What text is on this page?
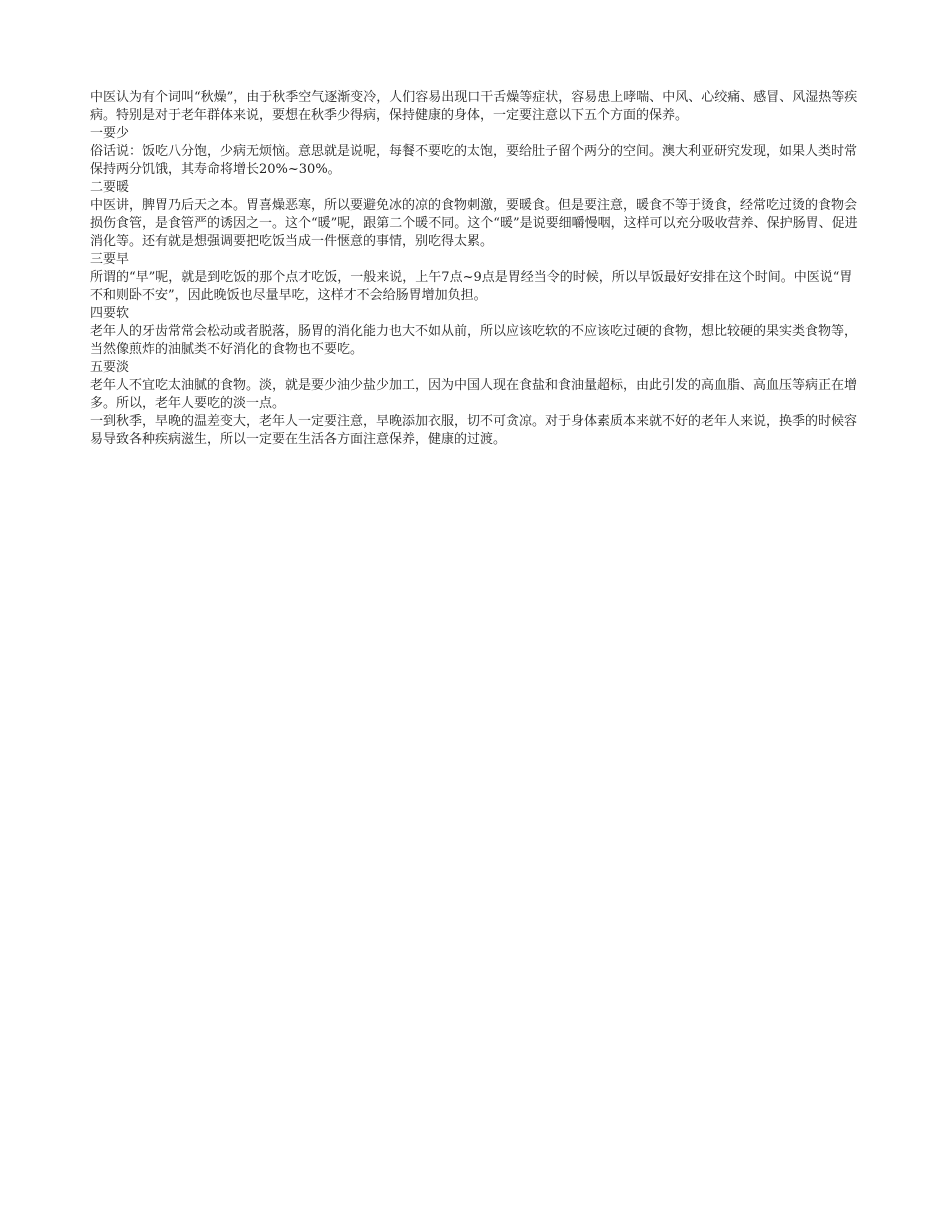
中医认为有个词叫“秋燥”，由于秋季空气逐渐变冷，人们容易出现口干舌燥等症状，容易患上哮喘、中风、心绞痛、感冒、风湿热等疾病。特别是对于老年群体来说，要想在秋季少得病，保持健康的身体，一定要注意以下五个方面的保养。

一要少

俗话说：饭吃八分饱，少病无烦恼。意思就是说呢，每餐不要吃的太饱，要给肚子留个两分的空间。澳大利亚研究发现，如果人类时常保持两分饥饿，其寿命将增长20%~30%。

二要暖

中医讲，脾胃乃后天之本。胃喜燥恶寒，所以要避免冰的凉的食物刺激，要暖食。但是要注意，暖食不等于烫食，经常吃过烫的食物会损伤食管，是食管严的诱因之一。这个“暖”呢，跟第二个暖不同。这个“暖”是说要细嚼慢咽，这样可以充分吸收营养、保护肠胃、促进消化等。还有就是想强调要把吃饭当成一件惬意的事情，别吃得太累。

三要早

所谓的“早”呢，就是到吃饭的那个点才吃饭，一般来说，上午7点~9点是胃经当令的时候，所以早饭最好安排在这个时间。中医说“胃不和则卧不安”，因此晚饭也尽量早吃，这样才不会给肠胃增加负担。

四要软

老年人的牙齿常常会松动或者脱落，肠胃的消化能力也大不如从前，所以应该吃软的不应该吃过硬的食物，想比较硬的果实类食物等，当然像煎炸的油腻类不好消化的食物也不要吃。

五要淡

老年人不宜吃太油腻的食物。淡，就是要少油少盐少加工，因为中国人现在食盐和食油量超标，由此引发的高血脂、高血压等病正在增多。所以，老年人要吃的淡一点。

一到秋季，早晚的温差变大，老年人一定要注意，早晚添加衣服，切不可贪凉。对于身体素质本来就不好的老年人来说，换季的时候容易导致各种疾病滋生，所以一定要在生活各方面注意保养，健康的过渡。
